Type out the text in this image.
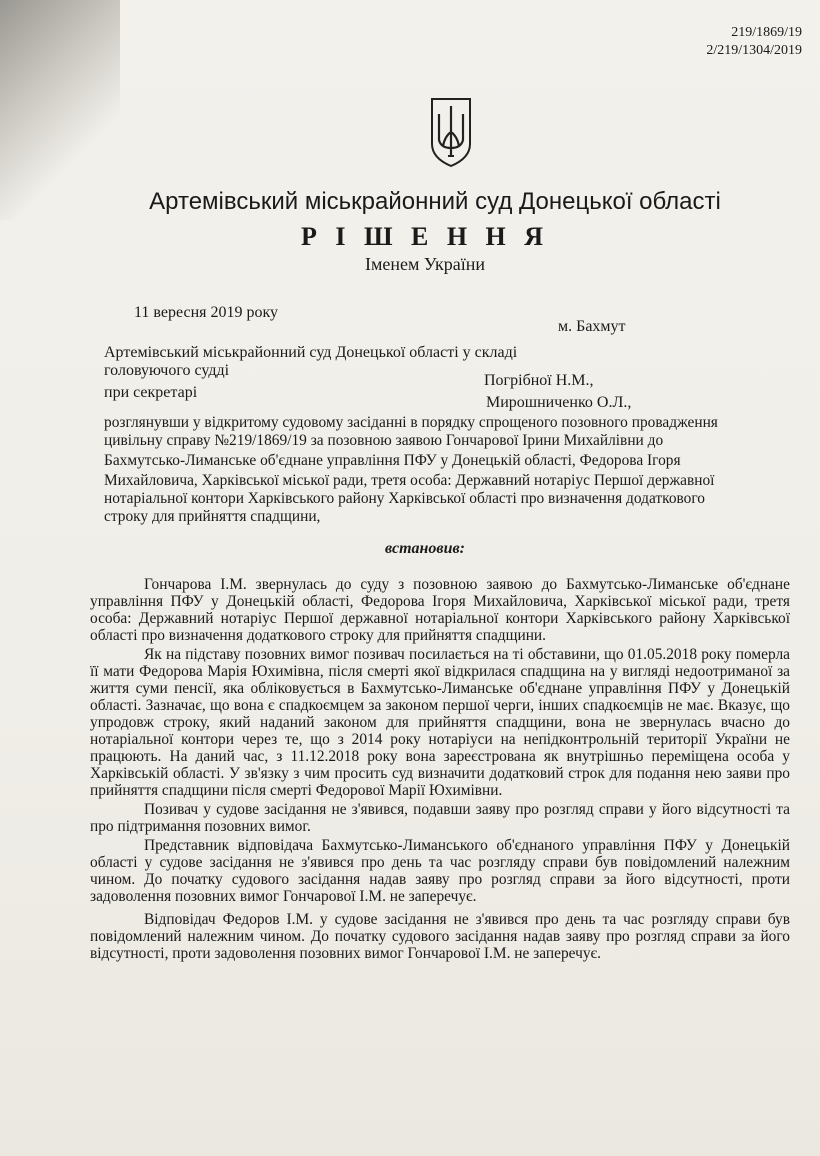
219/1869/19
2/219/1304/2019
Артемівський міськрайонний суд Донецької області
Р І Ш Е Н Н Я
Іменем України
11 вересня 2019 року
м. Бахмут
Артемівський міськрайонний суд Донецької області у складі
головуючого судді
Погрібної Н.М.,
при секретарі
Мирошниченко О.Л.,
розглянувши у відкритому судовому засіданні в порядку спрощеного позовного провадження
цивільну справу №219/1869/19 за позовною заявою Гончарової Ірини Михайлівни до
Бахмутсько-Лиманське об'єднане управління ПФУ у Донецькій області, Федорова Ігоря
Михайловича, Харківської міської ради, третя особа: Державний нотаріус Першої державної
нотаріальної контори Харківського району Харківської області про визначення додаткового
строку для прийняття спадщини,
встановив:

Гончарова І.М. звернулась до суду з позовною заявою до Бахмутсько-Лиманське об'єднане управління ПФУ у Донецькій області, Федорова Ігоря Михайловича, Харківської міської ради, третя особа: Державний нотаріус Першої державної нотаріальної контори Харківського району Харківської області про визначення додаткового строку для прийняття спадщини.

Як на підставу позовних вимог позивач посилається на ті обставини, що 01.05.2018 року померла її мати Федорова Марія Юхимівна, після смерті якої відкрилася спадщина на у вигляді недоотриманої за життя суми пенсії, яка обліковується в Бахмутсько-Лиманське об'єднане управління ПФУ у Донецькій області. Зазначає, що вона є спадкоємцем за законом першої черги, інших спадкоємців не має. Вказує, що упродовж строку, який наданий законом для прийняття спадщини, вона не звернулась вчасно до нотаріальної контори через те, що з 2014 року нотаріуси на непідконтрольній території України не працюють. На даний час, з 11.12.2018 року вона зареєстрована як внутрішньо переміщена особа у Харківській області. У зв'язку з чим просить суд визначити додатковий строк для подання нею заяви про прийняття спадщини після смерті Федорової Марії Юхимівни.

Позивач у судове засідання не з'явився, подавши заяву про розгляд справи у його відсутності та про підтримання позовних вимог.

Представник відповідача Бахмутсько-Лиманського об'єднаного управління ПФУ у Донецькій області у судове засідання не з'явився про день та час розгляду справи був повідомлений належним чином. До початку судового засідання надав заяву про розгляд справи за його відсутності, проти задоволення позовних вимог Гончарової І.М. не заперечує.

Відповідач Федоров І.М. у судове засідання не з'явився про день та час розгляду справи був повідомлений належним чином. До початку судового засідання надав заяву про розгляд справи за його відсутності, проти задоволення позовних вимог Гончарової І.М. не заперечує.
